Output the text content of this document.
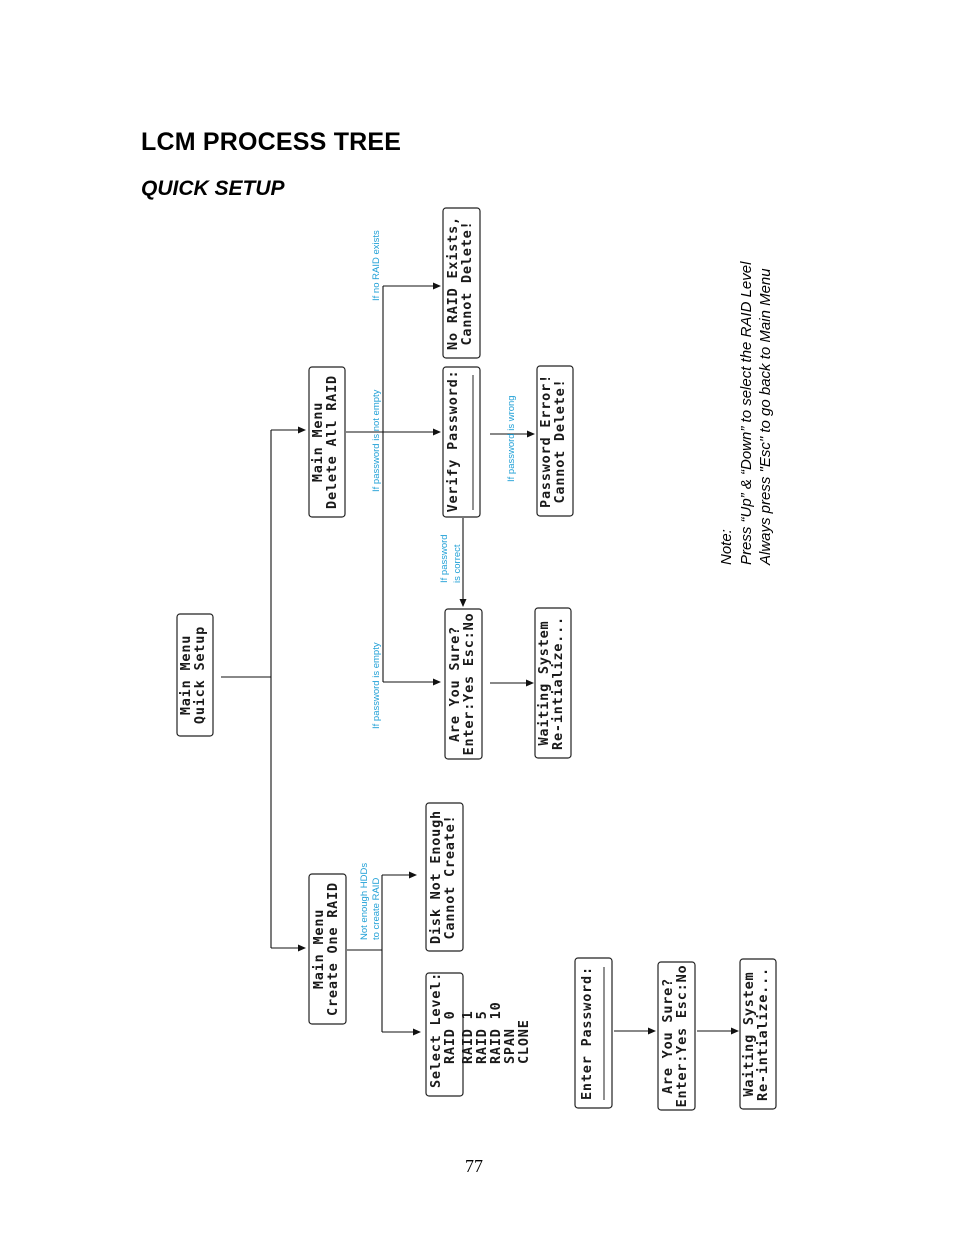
LCM PROCESS TREE
QUICK SETUP
Main Menu
Quick Setup
Main Menu
Delete All RAID
No RAID Exists,
Cannot Delete!
Verify Password:	Password Error!
Cannot Delete!
Are You Sure?
Enter:Yes Esc:No	Waiting System
Re-intialize...
Main Menu
Create One RAID
Disk Not Enough
Cannot Create!
Select Level:
RAID 0 RAID 1
RAID 5
RAID 10
SPAN
CLONE	Enter Password:	Are You Sure?
Enter:Yes Esc:No	Waiting System
Re-intialize...
If no RAID exists
If password is not empty
If password is empty
If password is wrong
If password is correct
Not enough HDDs to create RAID
Note: Press “Up” & “Down” to select the RAID Level Always press "Esc" to go back to Main Menu
77
